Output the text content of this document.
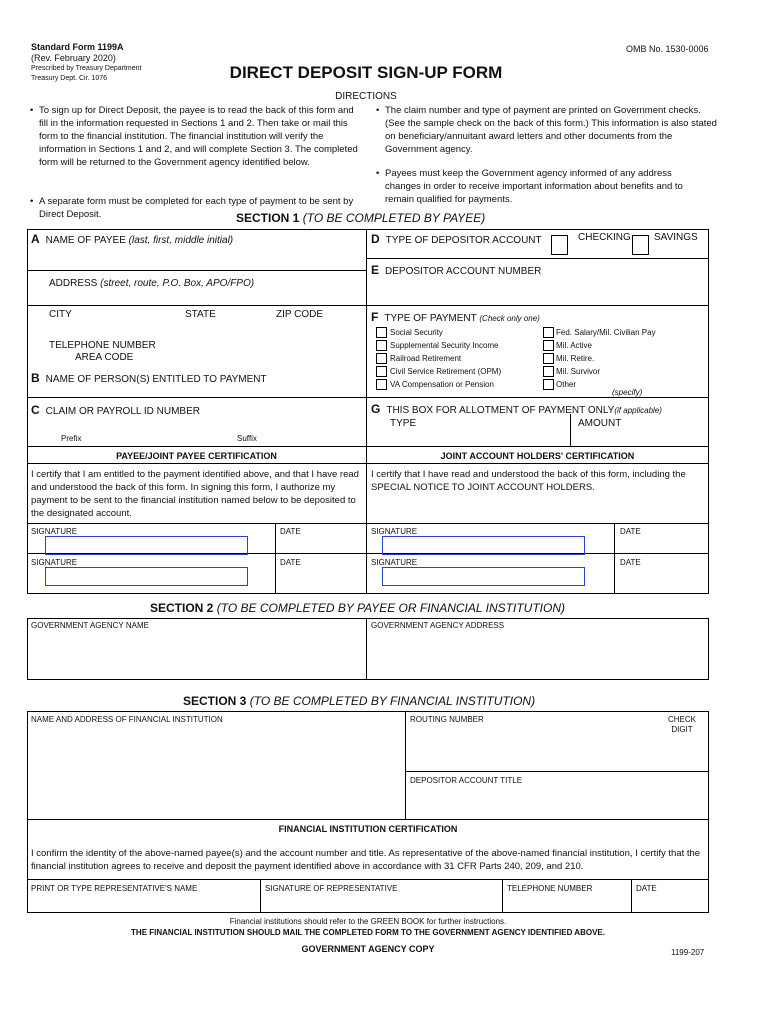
Standard Form 1199A
(Rev. February 2020)
Prescribed by Treasury Department
Treasury Dept. Cir. 1076
OMB No. 1530-0006
DIRECT DEPOSIT SIGN-UP FORM
DIRECTIONS
• To sign up for Direct Deposit, the payee is to read the back of this form and fill in the information requested in Sections 1 and 2. Then take or mail this form to the financial institution. The financial institution will verify the information in Sections 1 and 2, and will complete Section 3. The completed form will be returned to the Government agency identified below.
• A separate form must be completed for each type of payment to be sent by Direct Deposit.
• The claim number and type of payment are printed on Government checks. (See the sample check on the back of this form.) This information is also stated on beneficiary/annuitant award letters and other documents from the Government agency.
• Payees must keep the Government agency informed of any address changes in order to receive important information about benefits and to remain qualified for payments.
SECTION 1 (TO BE COMPLETED BY PAYEE)
A NAME OF PAYEE (last, first, middle initial)
ADDRESS (street, route, P.O. Box, APO/FPO)
CITY	STATE	ZIP CODE
TELEPHONE NUMBER
AREA CODE
B NAME OF PERSON(S) ENTITLED TO PAYMENT
C CLAIM OR PAYROLL ID NUMBER
Prefix	Suffix
D TYPE OF DEPOSITOR ACCOUNT	CHECKING SAVINGS
E DEPOSITOR ACCOUNT NUMBER
F TYPE OF PAYMENT (Check only one)
Social Security
Supplemental Security Income
Railroad Retirement
Civil Service Retirement (OPM)
VA Compensation or Pension
Fed. Salary/Mil. Civilian Pay
Mil. Active
Mil. Retire.
Mil. Survivor
Other
(specify)
G THIS BOX FOR ALLOTMENT OF PAYMENT ONLY(if applicable)
TYPE	AMOUNT
PAYEE/JOINT PAYEE CERTIFICATION	JOINT ACCOUNT HOLDERS' CERTIFICATION
I certify that I am entitled to the payment identified above, and that I have read and understood the back of this form. In signing this form, I authorize my payment to be sent to the financial institution named below to be deposited to the designated account.
I certify that I have read and understood the back of this form, including the SPECIAL NOTICE TO JOINT ACCOUNT HOLDERS.
SIGNATURE	DATE	SIGNATURE	DATE
SIGNATURE	DATE	SIGNATURE	DATE
SECTION 2 (TO BE COMPLETED BY PAYEE OR FINANCIAL INSTITUTION)
GOVERNMENT AGENCY NAME	GOVERNMENT AGENCY ADDRESS
SECTION 3 (TO BE COMPLETED BY FINANCIAL INSTITUTION)
NAME AND ADDRESS OF FINANCIAL INSTITUTION	ROUTING NUMBER	CHECK
DIGIT
DEPOSITOR ACCOUNT TITLE
FINANCIAL INSTITUTION CERTIFICATION
I confirm the identity of the above-named payee(s) and the account number and title. As representative of the above-named financial institution, I certify that the financial institution agrees to receive and deposit the payment identified above in accordance with 31 CFR Parts 240, 209, and 210.
PRINT OR TYPE REPRESENTATIVE'S NAME	SIGNATURE OF REPRESENTATIVE	TELEPHONE NUMBER	DATE
Financial institutions should refer to the GREEN BOOK for further instructions.
THE FINANCIAL INSTITUTION SHOULD MAIL THE COMPLETED FORM TO THE GOVERNMENT AGENCY IDENTIFIED ABOVE.
GOVERNMENT AGENCY COPY	1199-207
